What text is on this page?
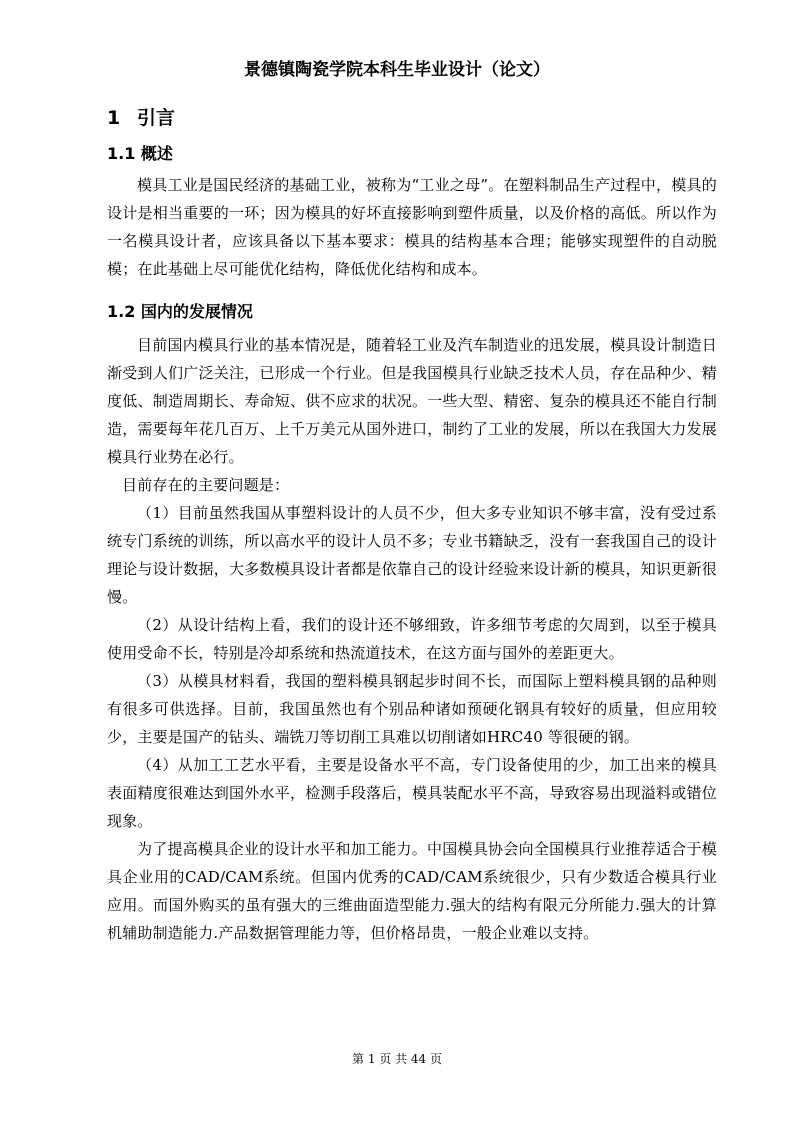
景德镇陶瓷学院本科生毕业设计（论文）
1 引言
1.1 概述

模具工业是国民经济的基础工业，被称为“工业之母”。在塑料制品生产过程中，模具的设计是相当重要的一环；因为模具的好坏直接影响到塑件质量，以及价格的高低。所以作为一名模具设计者，应该具备以下基本要求：模具的结构基本合理；能够实现塑件的自动脱模；在此基础上尽可能优化结构，降低优化结构和成本。

1.2 国内的发展情况

目前国内模具行业的基本情况是，随着轻工业及汽车制造业的迅发展，模具设计制造日渐受到人们广泛关注，已形成一个行业。但是我国模具行业缺乏技术人员，存在品种少、精度低、制造周期长、寿命短、供不应求的状况。一些大型、精密、复杂的模具还不能自行制造，需要每年花几百万、上千万美元从国外进口，制约了工业的发展，所以在我国大力发展模具行业势在必行。

目前存在的主要问题是：

（1）目前虽然我国从事塑料设计的人员不少，但大多专业知识不够丰富，没有受过系统专门系统的训练，所以高水平的设计人员不多；专业书籍缺乏，没有一套我国自己的设计理论与设计数据，大多数模具设计者都是依靠自己的设计经验来设计新的模具，知识更新很慢。

（2）从设计结构上看，我们的设计还不够细致，许多细节考虑的欠周到，以至于模具使用受命不长，特别是冷却系统和热流道技术，在这方面与国外的差距更大。

（3）从模具材料看，我国的塑料模具钢起步时间不长，而国际上塑料模具钢的品种则有很多可供选择。目前，我国虽然也有个别品种诸如预硬化钢具有较好的质量，但应用较少，主要是国产的钻头、端铣刀等切削工具难以切削诸如HRC40 等很硬的钢。

（4）从加工工艺水平看，主要是设备水平不高，专门设备使用的少，加工出来的模具表面精度很难达到国外水平，检测手段落后，模具装配水平不高，导致容易出现溢料或错位现象。

为了提高模具企业的设计水平和加工能力。中国模具协会向全国模具行业推荐适合于模具企业用的CAD/CAM系统。但国内优秀的CAD/CAM系统很少，只有少数适合模具行业应用。而国外购买的虽有强大的三维曲面造型能力.强大的结构有限元分所能力.强大的计算机辅助制造能力.产品数据管理能力等，但价格昂贵，一般企业难以支持。

第 1 页 共 44 页
